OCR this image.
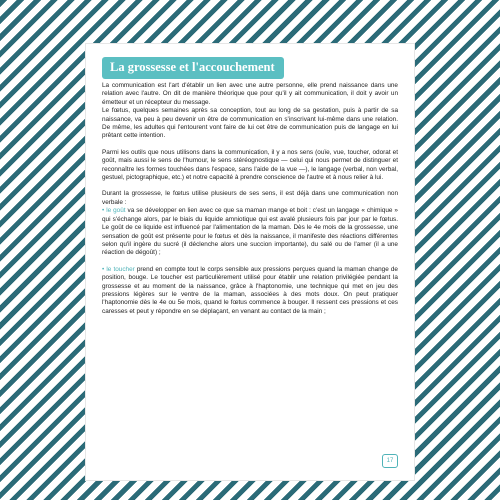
La grossesse et l'accouchement

La communication est l'art d'établir un lien avec une autre personne, elle prend naissance dans une relation avec l'autre. On dit de manière théorique que pour qu'il y ait communication, il doit y avoir un émetteur et un récepteur du message.

Le fœtus, quelques semaines après sa conception, tout au long de sa gestation, puis à partir de sa naissance, va peu à peu devenir un être de communication en s'inscrivant lui-même dans une relation. De même, les adultes qui l'entourent vont faire de lui cet être de communication puis de langage en lui prêtant cette intention.

Parmi les outils que nous utilisons dans la communication, il y a nos sens (ouïe, vue, toucher, odorat et goût, mais aussi le sens de l'humour, le sens stéréognostique — celui qui nous permet de distinguer et reconnaître les formes touchées dans l'espace, sans l'aide de la vue —), le langage (verbal, non verbal, gestuel, pictographique, etc.) et notre capacité à prendre conscience de l'autre et à nous relier à lui.

Durant la grossesse, le fœtus utilise plusieurs de ses sens, il est déjà dans une communication non verbale :

• le goût va se développer en lien avec ce que sa maman mange et boit : c'est un langage « chimique » qui s'échange alors, par le biais du liquide amniotique qui est avalé plusieurs fois par jour par le fœtus. Le goût de ce liquide est influencé par l'alimentation de la maman. Dès le 4e mois de la grossesse, une sensation de goût est présente pour le fœtus et dès la naissance, il manifeste des réactions différentes selon qu'il ingère du sucré (il déclenche alors une succion importante), du salé ou de l'amer (il a une réaction de dégoût) ;

• le toucher prend en compte tout le corps sensible aux pressions perçues quand la maman change de position, bouge. Le toucher est particulièrement utilisé pour établir une relation privilégiée pendant la grossesse et au moment de la naissance, grâce à l'haptonomie, une technique qui met en jeu des pressions légères sur le ventre de la maman, associées à des mots doux. On peut pratiquer l'haptonomie dès le 4e ou 5e mois, quand le fœtus commence à bouger. Il ressent ces pressions et ces caresses et peut y répondre en se déplaçant, en venant au contact de la main ;

17
